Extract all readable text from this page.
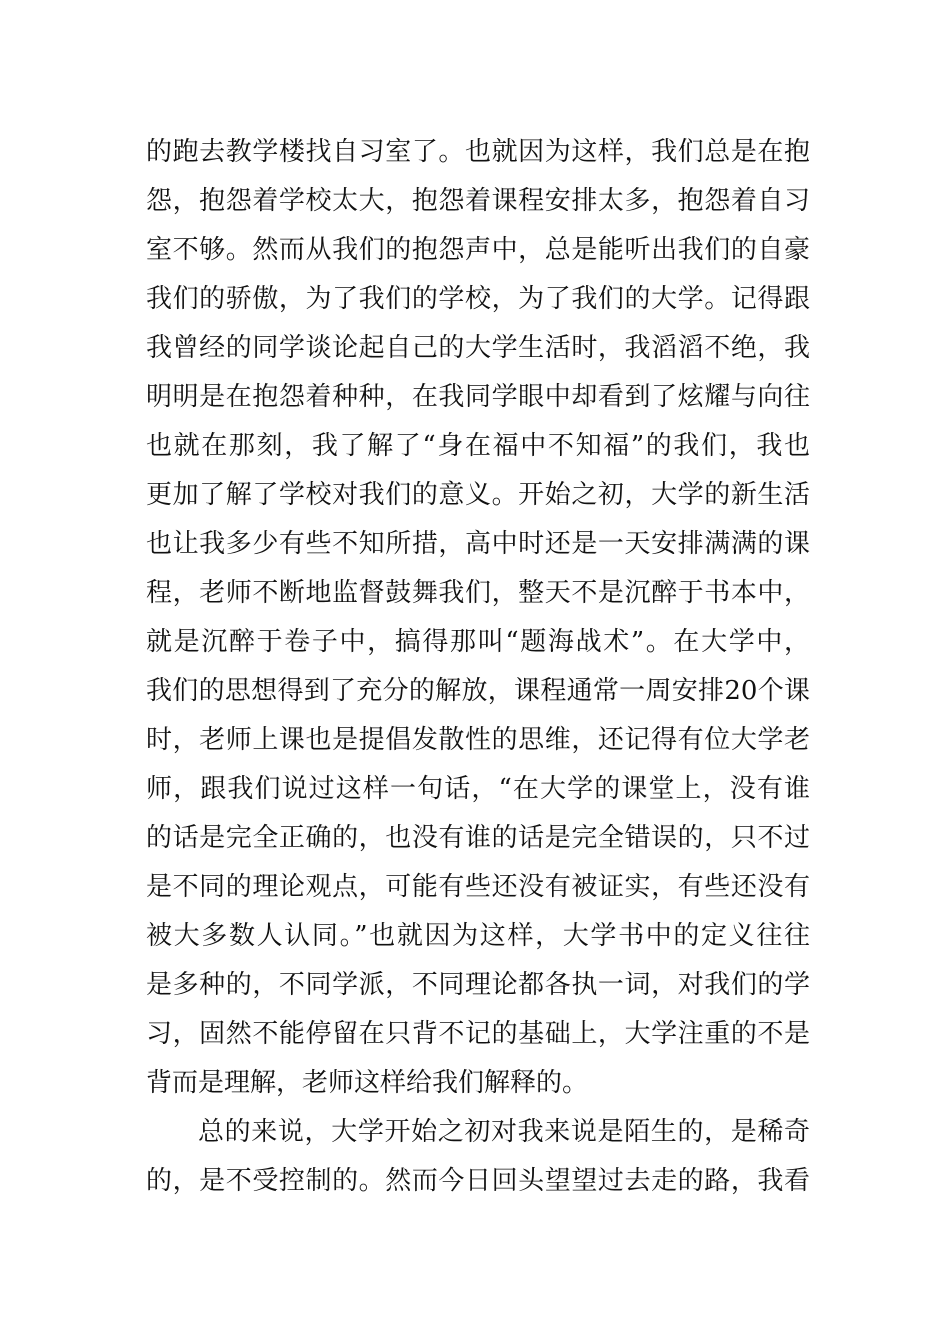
的跑去教学楼找自习室了。也就因为这样，我们总是在抱
怨，抱怨着学校太大，抱怨着课程安排太多，抱怨着自习
室不够。然而从我们的抱怨声中，总是能听出我们的自豪
我们的骄傲，为了我们的学校，为了我们的大学。记得跟
我曾经的同学谈论起自己的大学生活时，我滔滔不绝，我
明明是在抱怨着种种，在我同学眼中却看到了炫耀与向往
也就在那刻，我了解了“身在福中不知福”的我们，我也
更加了解了学校对我们的意义。开始之初，大学的新生活
也让我多少有些不知所措，高中时还是一天安排满满的课
程，老师不断地监督鼓舞我们，整天不是沉醉于书本中，
就是沉醉于卷子中，搞得那叫“题海战术”。在大学中，
我们的思想得到了充分的解放，课程通常一周安排20个课
时，老师上课也是提倡发散性的思维，还记得有位大学老
师，跟我们说过这样一句话，“在大学的课堂上，没有谁
的话是完全正确的，也没有谁的话是完全错误的，只不过
是不同的理论观点，可能有些还没有被证实，有些还没有
被大多数人认同。”也就因为这样，大学书中的定义往往
是多种的，不同学派，不同理论都各执一词，对我们的学
习，固然不能停留在只背不记的基础上，大学注重的不是
背而是理解，老师这样给我们解释的。
总的来说，大学开始之初对我来说是陌生的，是稀奇
的，是不受控制的。然而今日回头望望过去走的路，我看
